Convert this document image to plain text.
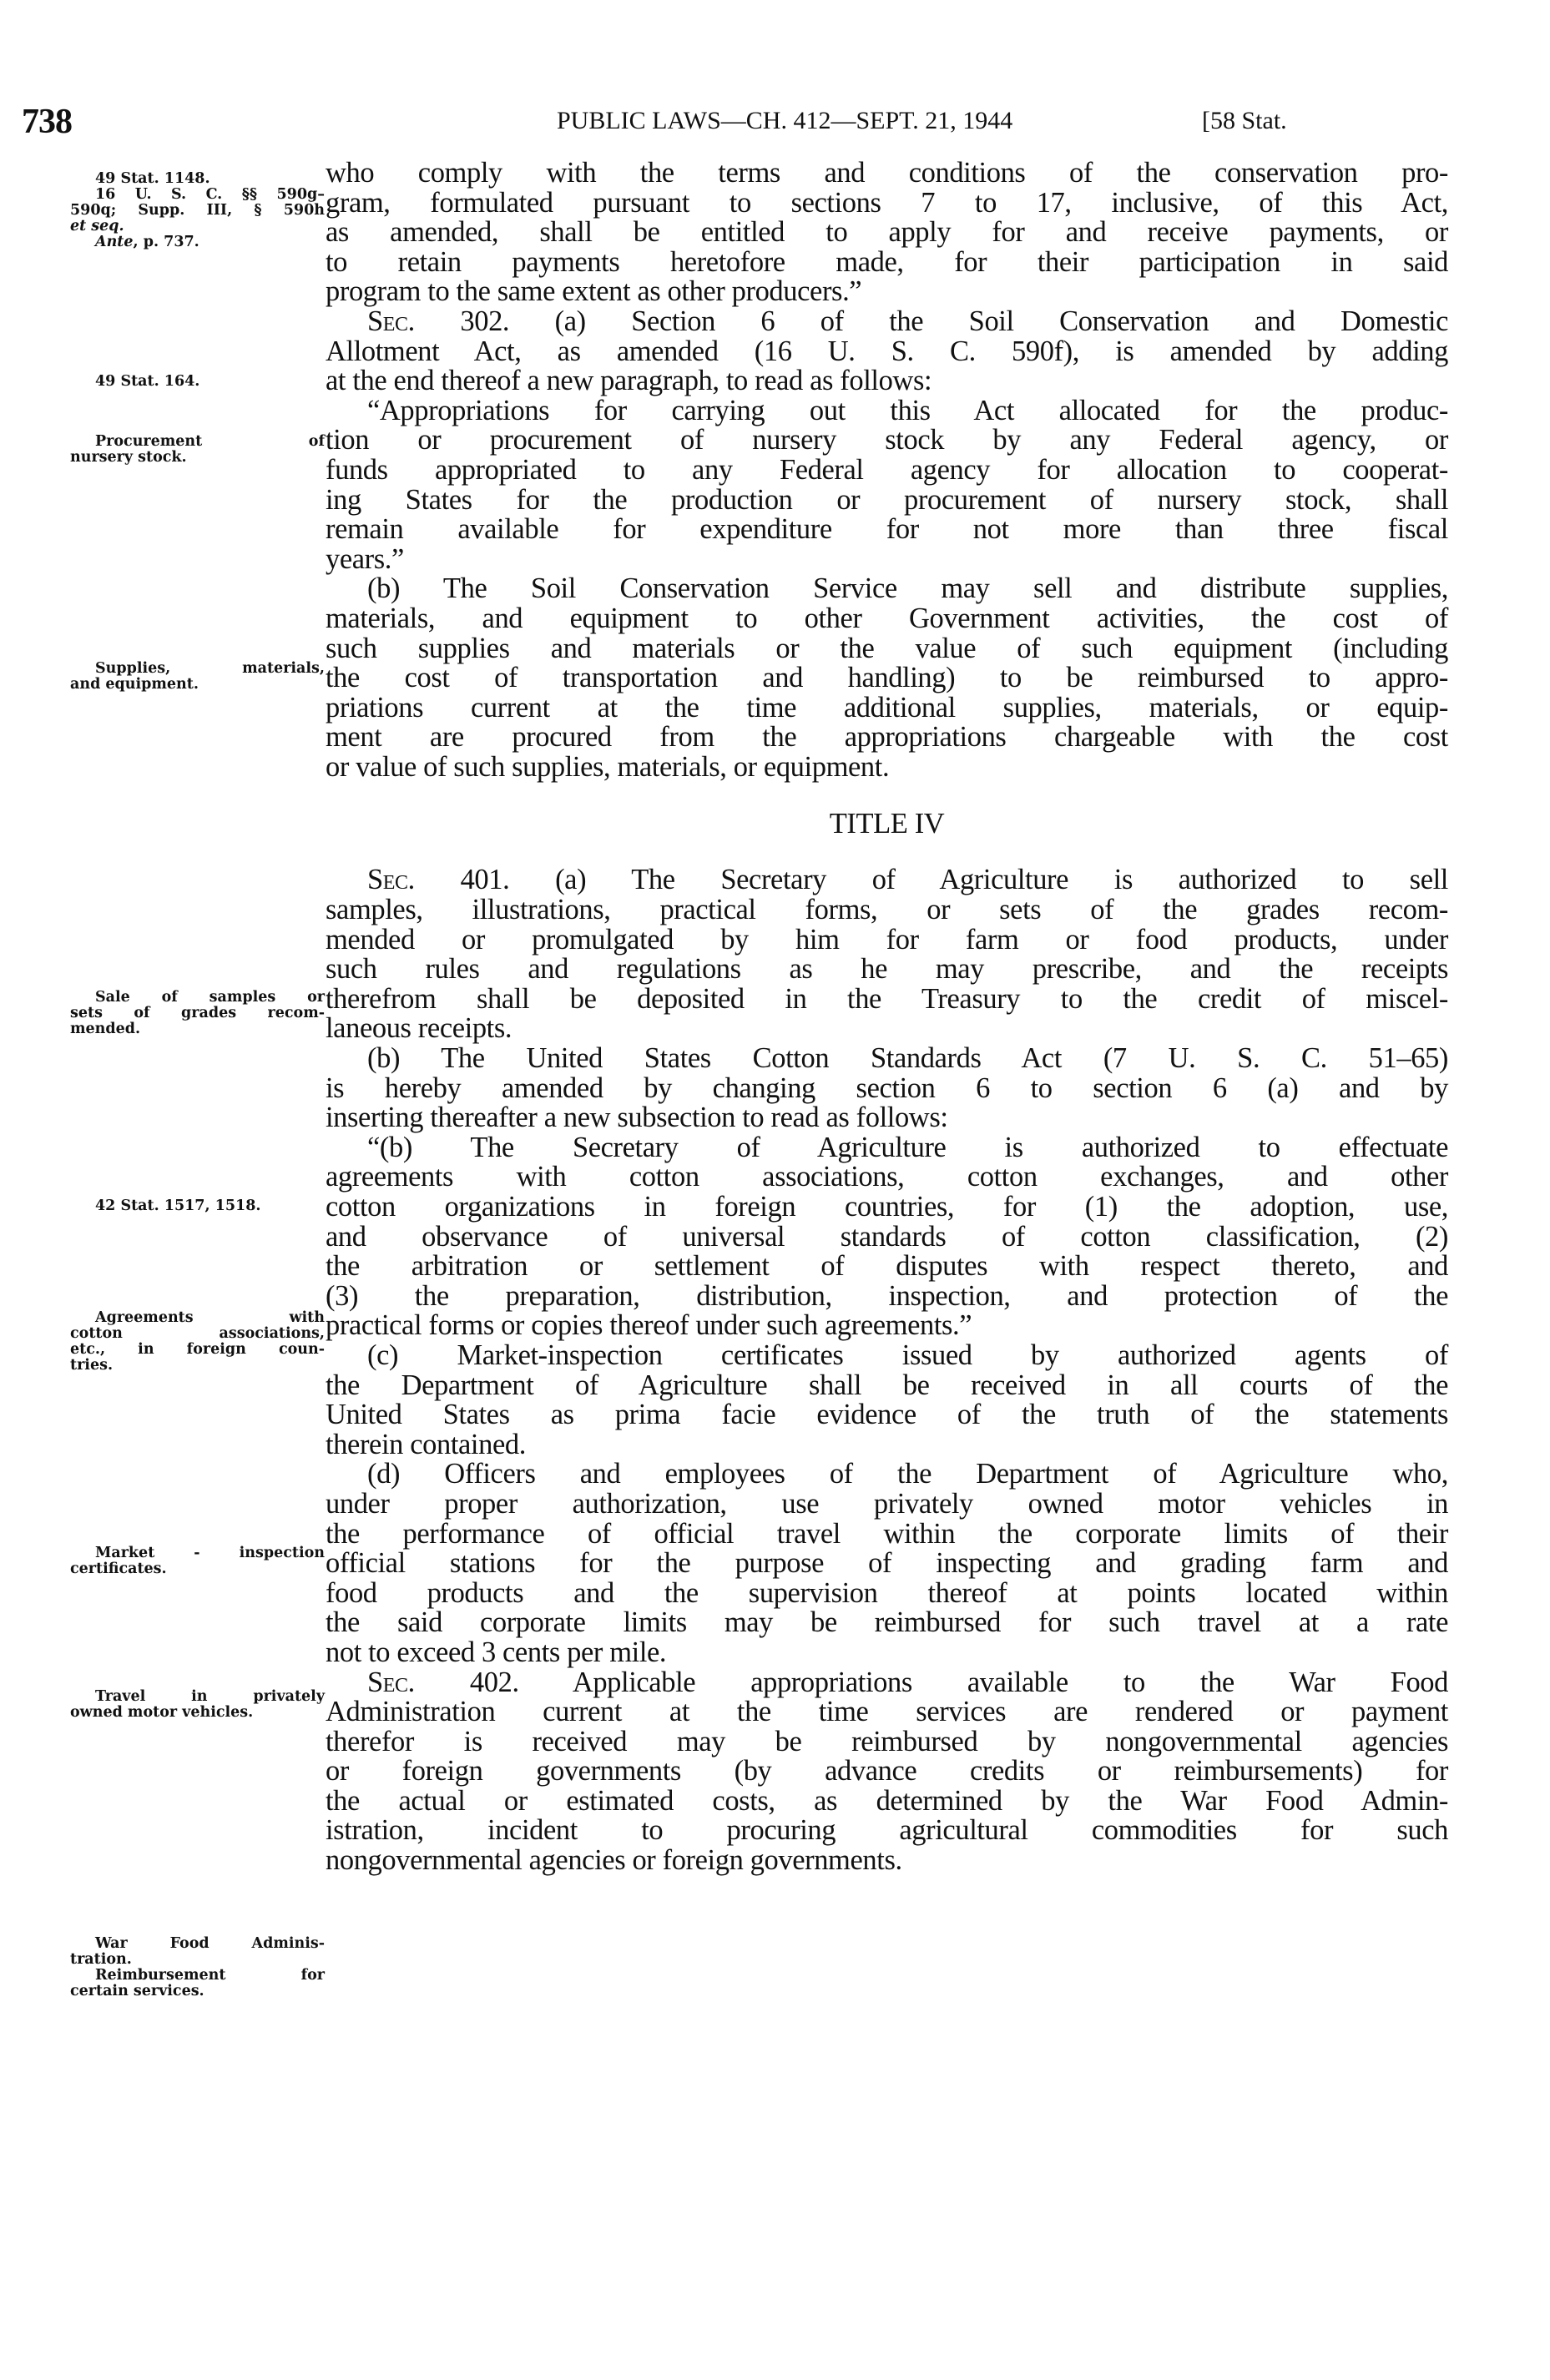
738	PUBLIC LAWS—CH. 412—SEPT. 21, 1944	[58 Stat.
49 Stat. 1148.
16 U. S. C. §§ 590g–
590q; Supp. III, § 590h
et seq.
Ante, p. 737.
49 Stat. 164.
Procurement of
nursery stock.
Supplies, materials,
and equipment.
Sale of samples or
sets of grades recom-
mended.
42 Stat. 1517, 1518.
Agreements with
cotton associations,
etc., in foreign coun-
tries.
Market - inspection
certificates.
Travel in privately
owned motor vehicles.
War Food Adminis-
tration.
Reimbursement for
certain services.
who comply with the terms and conditions of the conservation pro-
gram, formulated pursuant to sections 7 to 17, inclusive, of this Act,
as amended, shall be entitled to apply for and receive payments, or
to retain payments heretofore made, for their participation in said
program to the same extent as other producers.”
Sec. 302. (a) Section 6 of the Soil Conservation and Domestic
Allotment Act, as amended (16 U. S. C. 590f), is amended by adding
at the end thereof a new paragraph, to read as follows:
“Appropriations for carrying out this Act allocated for the produc-
tion or procurement of nursery stock by any Federal agency, or
funds appropriated to any Federal agency for allocation to cooperat-
ing States for the production or procurement of nursery stock, shall
remain available for expenditure for not more than three fiscal
years.”
(b) The Soil Conservation Service may sell and distribute supplies,
materials, and equipment to other Government activities, the cost of
such supplies and materials or the value of such equipment (including
the cost of transportation and handling) to be reimbursed to appro-
priations current at the time additional supplies, materials, or equip-
ment are procured from the appropriations chargeable with the cost
or value of such supplies, materials, or equipment.
TITLE IV
Sec. 401. (a) The Secretary of Agriculture is authorized to sell
samples, illustrations, practical forms, or sets of the grades recom-
mended or promulgated by him for farm or food products, under
such rules and regulations as he may prescribe, and the receipts
therefrom shall be deposited in the Treasury to the credit of miscel-
laneous receipts.
(b) The United States Cotton Standards Act (7 U. S. C. 51–65)
is hereby amended by changing section 6 to section 6 (a) and by
inserting thereafter a new subsection to read as follows:
“(b) The Secretary of Agriculture is authorized to effectuate
agreements with cotton associations, cotton exchanges, and other
cotton organizations in foreign countries, for (1) the adoption, use,
and observance of universal standards of cotton classification, (2)
the arbitration or settlement of disputes with respect thereto, and
(3) the preparation, distribution, inspection, and protection of the
practical forms or copies thereof under such agreements.”
(c) Market-inspection certificates issued by authorized agents of
the Department of Agriculture shall be received in all courts of the
United States as prima facie evidence of the truth of the statements
therein contained.
(d) Officers and employees of the Department of Agriculture who,
under proper authorization, use privately owned motor vehicles in
the performance of official travel within the corporate limits of their
official stations for the purpose of inspecting and grading farm and
food products and the supervision thereof at points located within
the said corporate limits may be reimbursed for such travel at a rate
not to exceed 3 cents per mile.
Sec. 402. Applicable appropriations available to the War Food
Administration current at the time services are rendered or payment
therefor is received may be reimbursed by nongovernmental agencies
or foreign governments (by advance credits or reimbursements) for
the actual or estimated costs, as determined by the War Food Admin-
istration, incident to procuring agricultural commodities for such
nongovernmental agencies or foreign governments.
